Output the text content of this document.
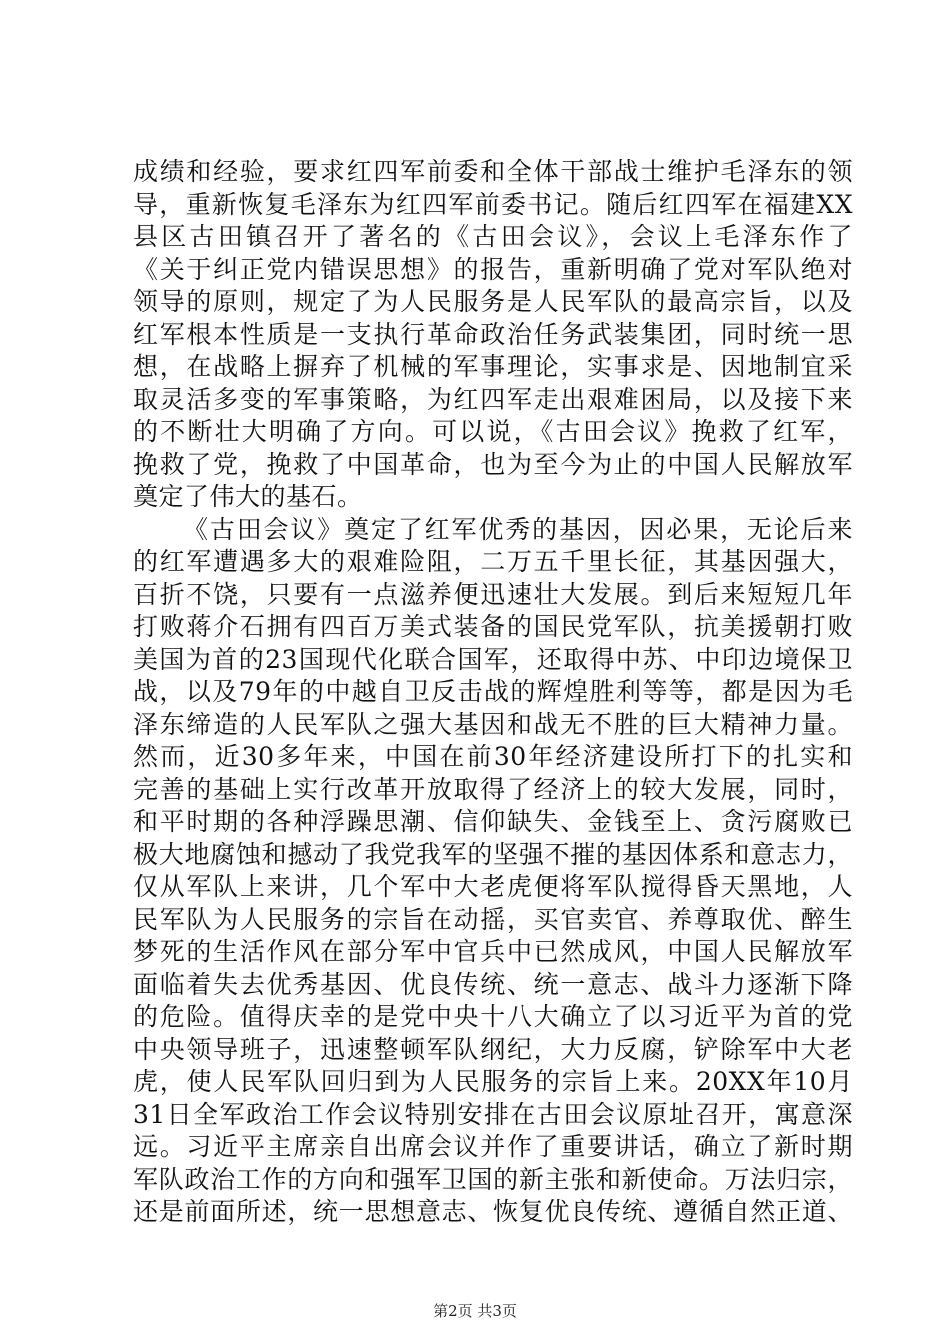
成绩和经验，要求红四军前委和全体干部战士维护毛泽东的领
导，重新恢复毛泽东为红四军前委书记。随后红四军在福建XX
县区古田镇召开了著名的《古田会议》，会议上毛泽东作了
《关于纠正党内错误思想》的报告，重新明确了党对军队绝对
领导的原则，规定了为人民服务是人民军队的最高宗旨，以及
红军根本性质是一支执行革命政治任务武装集团，同时统一思
想，在战略上摒弃了机械的军事理论，实事求是、因地制宜采
取灵活多变的军事策略，为红四军走出艰难困局，以及接下来
的不断壮大明确了方向。可以说，《古田会议》挽救了红军，
挽救了党，挽救了中国革命，也为至今为止的中国人民解放军
奠定了伟大的基石。
《古田会议》奠定了红军优秀的基因，因必果，无论后来
的红军遭遇多大的艰难险阻，二万五千里长征，其基因强大，
百折不饶，只要有一点滋养便迅速壮大发展。到后来短短几年
打败蒋介石拥有四百万美式装备的国民党军队，抗美援朝打败
美国为首的23国现代化联合国军，还取得中苏、中印边境保卫
战，以及79年的中越自卫反击战的辉煌胜利等等，都是因为毛
泽东缔造的人民军队之强大基因和战无不胜的巨大精神力量。
然而，近30多年来，中国在前30年经济建设所打下的扎实和
完善的基础上实行改革开放取得了经济上的较大发展，同时，
和平时期的各种浮躁思潮、信仰缺失、金钱至上、贪污腐败已
极大地腐蚀和撼动了我党我军的坚强不摧的基因体系和意志力，
仅从军队上来讲，几个军中大老虎便将军队搅得昏天黑地，人
民军队为人民服务的宗旨在动摇，买官卖官、养尊取优、醉生
梦死的生活作风在部分军中官兵中已然成风，中国人民解放军
面临着失去优秀基因、优良传统、统一意志、战斗力逐渐下降
的危险。值得庆幸的是党中央十八大确立了以习近平为首的党
中央领导班子，迅速整顿军队纲纪，大力反腐，铲除军中大老
虎，使人民军队回归到为人民服务的宗旨上来。20XX年10月
31日全军政治工作会议特别安排在古田会议原址召开，寓意深
远。习近平主席亲自出席会议并作了重要讲话，确立了新时期
军队政治工作的方向和强军卫国的新主张和新使命。万法归宗，
还是前面所述，统一思想意志、恢复优良传统、遵循自然正道、
第2页 共3页
